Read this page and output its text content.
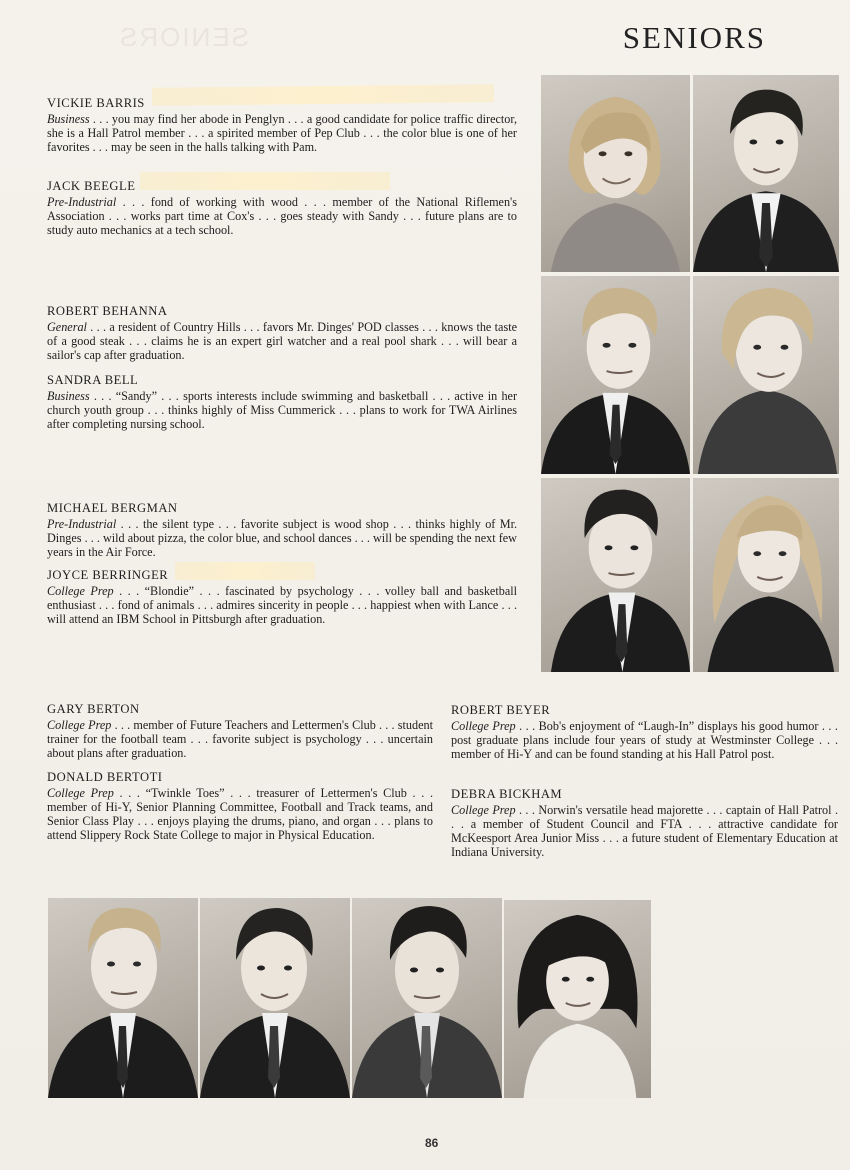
SENIORS	SENIORS
VICKIE BARRIS
Business . . . you may find her abode in Penglyn . . . a good candidate for police traffic director, she is a Hall Patrol member . . . a spirited member of Pep Club . . . the color blue is one of her favorites . . . may be seen in the halls talking with Pam.
JACK BEEGLE
Pre-Industrial . . . fond of working with wood . . . member of the National Riflemen's Association . . . works part time at Cox's . . . goes steady with Sandy . . . future plans are to study auto mechanics at a tech school.
ROBERT BEHANNA
General . . . a resident of Country Hills . . . favors Mr. Dinges' POD classes . . . knows the taste of a good steak . . . claims he is an expert girl watcher and a real pool shark . . . will bear a sailor's cap after graduation.
SANDRA BELL
Business . . . “Sandy” . . . sports interests include swimming and basketball . . . active in her church youth group . . . thinks highly of Miss Cummerick . . . plans to work for TWA Airlines after completing nursing school.
MICHAEL BERGMAN
Pre-Industrial . . . the silent type . . . favorite subject is wood shop . . . thinks highly of Mr. Dinges . . . wild about pizza, the color blue, and school dances . . . will be spending the next few years in the Air Force.
JOYCE BERRINGER
College Prep . . . “Blondie” . . . fascinated by psychology . . . volley ball and basketball enthusiast . . . fond of animals . . . admires sincerity in people . . . happiest when with Lance . . . will attend an IBM School in Pittsburgh after graduation.
GARY BERTON
College Prep . . . member of Future Teachers and Lettermen's Club . . . student trainer for the football team . . . favorite subject is psychology . . . uncertain about plans after graduation.
DONALD BERTOTI
College Prep . . . “Twinkle Toes” . . . treasurer of Lettermen's Club . . . member of Hi-Y, Senior Planning Committee, Football and Track teams, and Senior Class Play . . . enjoys playing the drums, piano, and organ . . . plans to attend Slippery Rock State College to major in Physical Education.
ROBERT BEYER
College Prep . . . Bob's enjoyment of “Laugh-In” displays his good humor . . . post graduate plans include four years of study at Westminster College . . . member of Hi-Y and can be found standing at his Hall Patrol post.
DEBRA BICKHAM
College Prep . . . Norwin's versatile head majorette . . . captain of Hall Patrol . . . a member of Student Council and FTA . . . attractive candidate for McKeesport Area Junior Miss . . . a future student of Elementary Education at Indiana University.
86
